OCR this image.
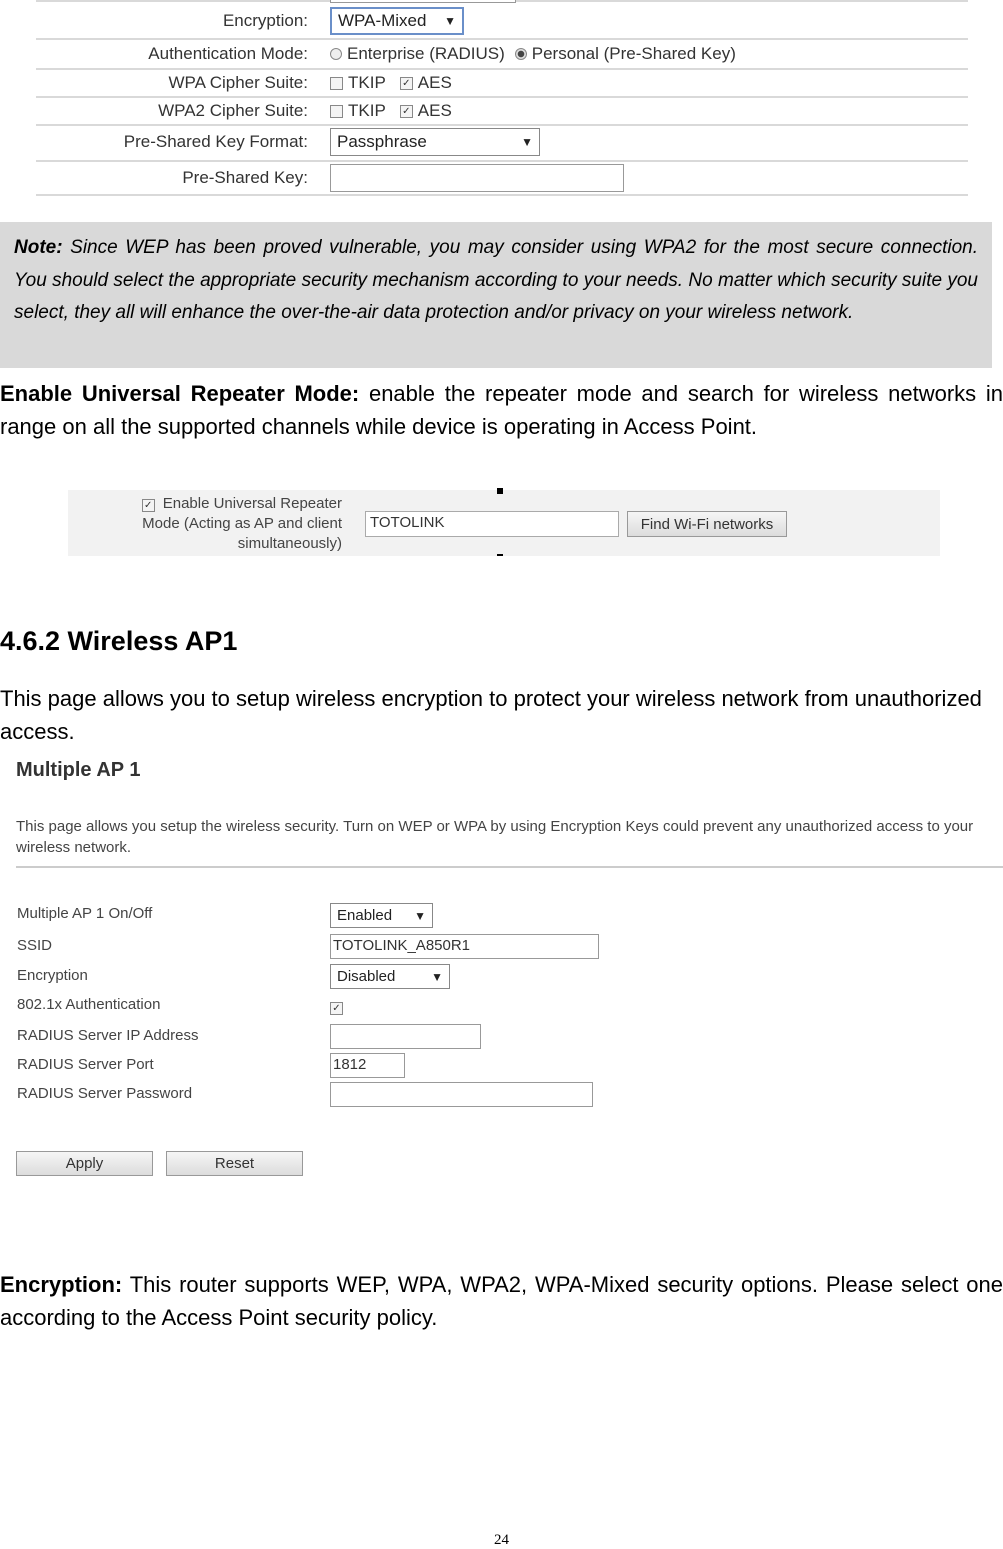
Encryption: WPA-Mixed ▼
Authentication Mode: Enterprise (RADIUS) Personal (Pre-Shared Key)
WPA Cipher Suite: TKIP ✓ AES
WPA2 Cipher Suite: TKIP ✓ AES
Pre-Shared Key Format: Passphrase	▼
Pre-Shared Key:
Note: Since WEP has been proved vulnerable, you may consider using WPA2 for the most secure connection. You should select the appropriate security mechanism according to your needs. No matter which security suite you select, they all will enhance the over-the-air data protection and/or privacy on your wireless network.
Enable Universal Repeater Mode: enable the repeater mode and search for wireless networks in range on all the supported channels while device is operating in Access Point.
✓ Enable Universal Repeater
Mode (Acting as AP and client
simultaneously)
TOTOLINK	Find Wi-Fi networks
4.6.2 Wireless AP1
This page allows you to setup wireless encryption to protect your wireless network from unauthorized access.
Multiple AP 1
This page allows you setup the wireless security. Turn on WEP or WPA by using Encryption Keys could prevent any unauthorized access to your wireless network.
Multiple AP 1 On/Off	Enabled ▼
SSID	TOTOLINK_A850R1
Encryption	Disabled	▼
802.1x Authentication	✓
RADIUS Server IP Address
RADIUS Server Port	1812
RADIUS Server Password
Apply	Reset
Encryption: This router supports WEP, WPA, WPA2, WPA-Mixed security options. Please select one according to the Access Point security policy.
24
